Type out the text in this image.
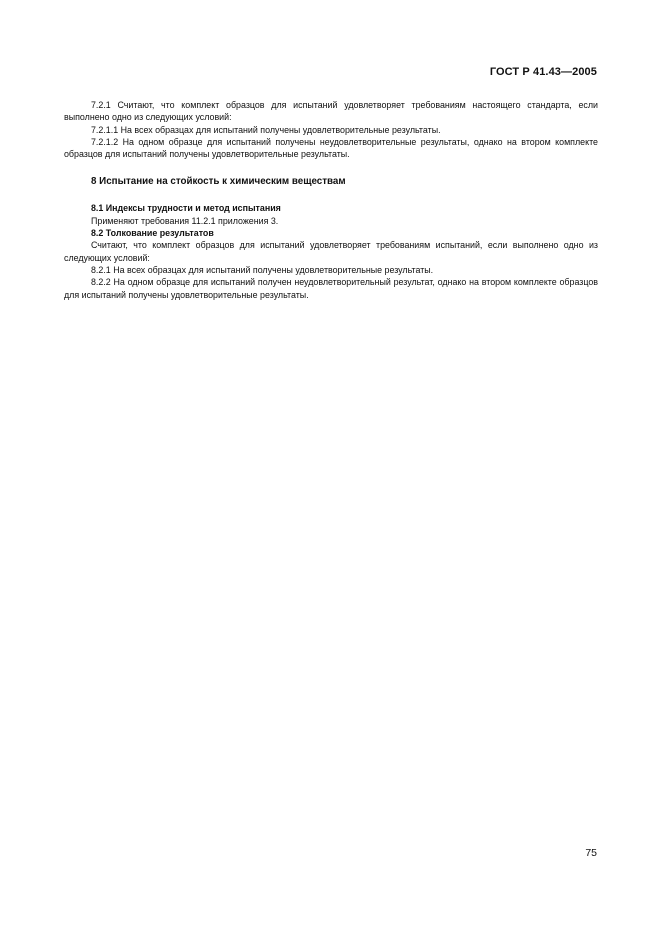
ГОСТ Р 41.43—2005

7.2.1 Считают, что комплект образцов для испытаний удовлетворяет требованиям настоящего стандарта, если выполнено одно из следующих условий:

7.2.1.1 На всех образцах для испытаний получены удовлетворительные результаты.

7.2.1.2 На одном образце для испытаний получены неудовлетворительные результаты, однако на втором комплекте образцов для испытаний получены удовлетворительные результаты.

8 Испытание на стойкость к химическим веществам

8.1 Индексы трудности и метод испытания

Применяют требования 11.2.1 приложения 3.

8.2 Толкование результатов

Считают, что комплект образцов для испытаний удовлетворяет требованиям испытаний, если выполнено одно из следующих условий:

8.2.1 На всех образцах для испытаний получены удовлетворительные результаты.

8.2.2 На одном образце для испытаний получен неудовлетворительный результат, однако на втором комплекте образцов для испытаний получены удовлетворительные результаты.

75
